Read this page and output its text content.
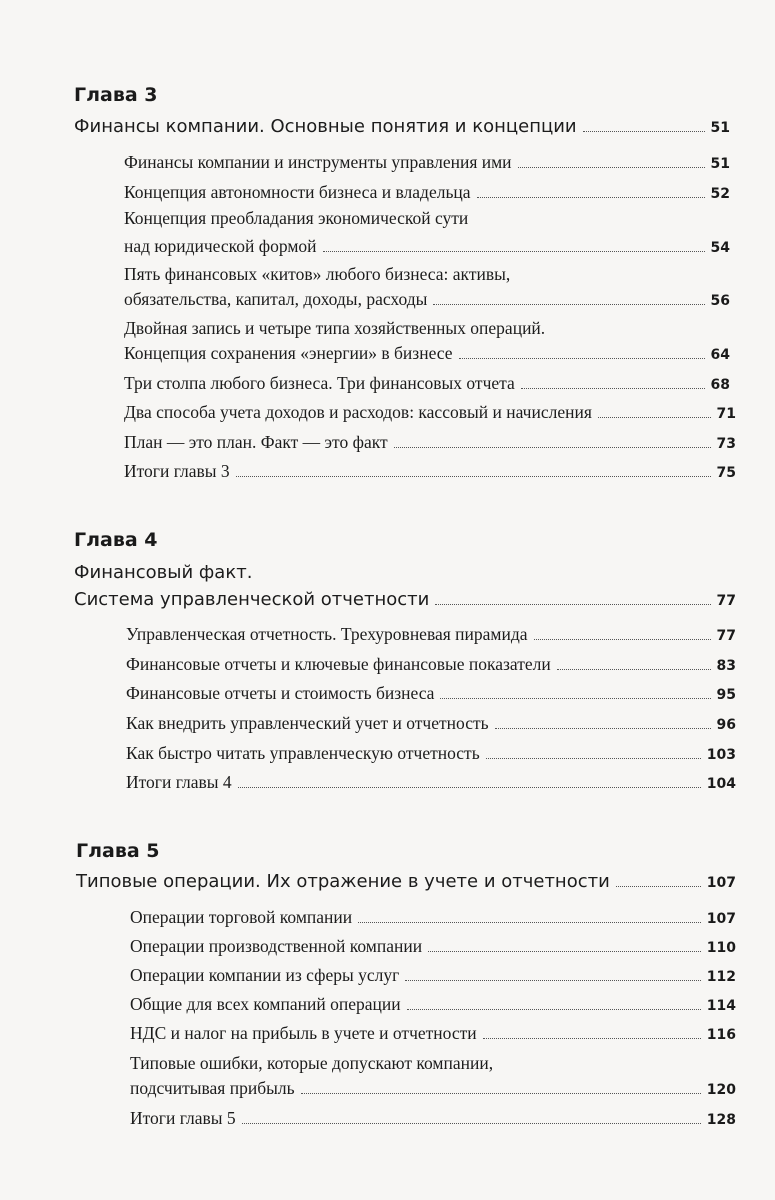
Глава 3
Финансы компании. Основные понятия и концепции	51
Финансы компании и инструменты управления ими	51
Концепция автономности бизнеса и владельца	52
Концепция преобладания экономической сути
над юридической формой	54
Пять финансовых «китов» любого бизнеса: активы,
обязательства, капитал, доходы, расходы	56
Двойная запись и четыре типа хозяйственных операций.
Концепция сохранения «энергии» в бизнесе	64
Три столпа любого бизнеса. Три финансовых отчета	68
Два способа учета доходов и расходов: кассовый и начисления	71
План — это план. Факт — это факт	73
Итоги главы 3	75
Глава 4
Финансовый факт.
Система управленческой отчетности	77
Управленческая отчетность. Трехуровневая пирамида	77
Финансовые отчеты и ключевые финансовые показатели	83
Финансовые отчеты и стоимость бизнеса	95
Как внедрить управленческий учет и отчетность	96
Как быстро читать управленческую отчетность	103
Итоги главы 4	104
Глава 5
Типовые операции. Их отражение в учете и отчетности	107
Операции торговой компании	107
Операции производственной компании	110
Операции компании из сферы услуг	112
Общие для всех компаний операции	114
НДС и налог на прибыль в учете и отчетности	116
Типовые ошибки, которые допускают компании,
подсчитывая прибыль	120
Итоги главы 5	128
